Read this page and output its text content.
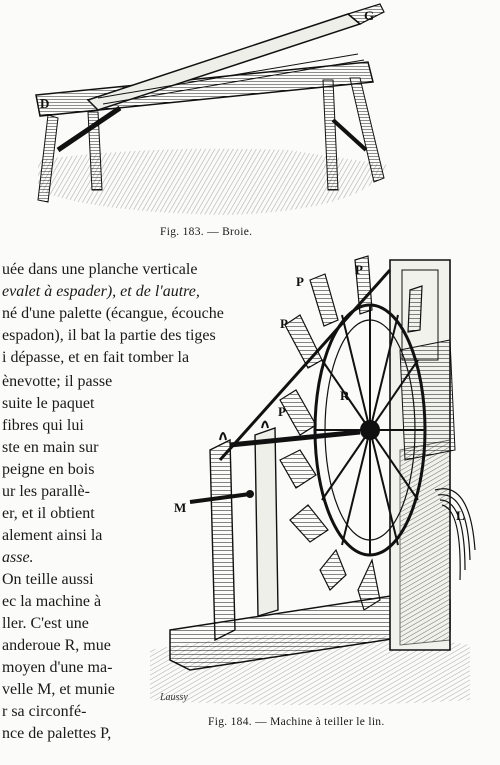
D
G
Fig. 183. — Broie.
uée dans une planche verticale
evalet à espader), et de l'autre,
né d'une palette (écangue, écouche
espadon), il bat la partie des tiges
i dépasse, et en fait tomber la
ènevotte; il passe
suite le paquet
fibres qui lui
ste en main sur
peigne en bois
ur les parallè-
er, et il obtient
alement ainsi la
asse.
On teille aussi
ec la machine à
ller. C'est une
anderoue R, mue
moyen d'une ma-
velle M, et munie
r sa circonfé-
nce de palettes P,
P
P
P
P
R
M
L
Laussy
Fig. 184. — Machine à teiller le lin.
